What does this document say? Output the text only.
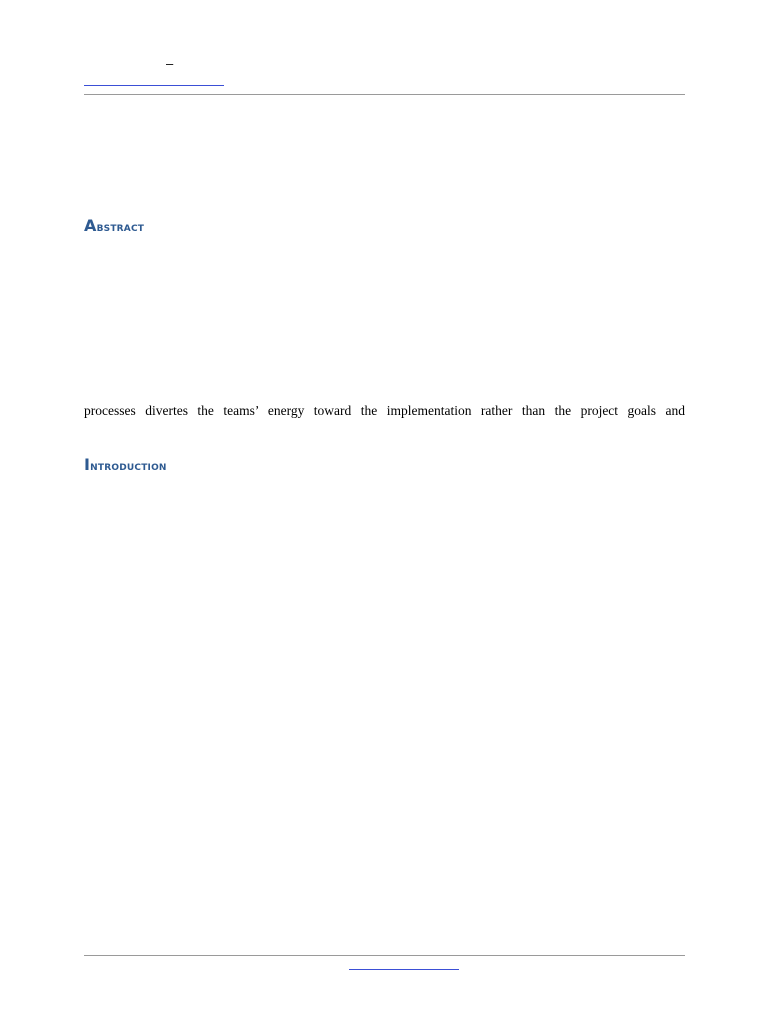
–
Abstract
processes divertes the teams’ energy toward the implementation rather than the project goals and
Introduction
